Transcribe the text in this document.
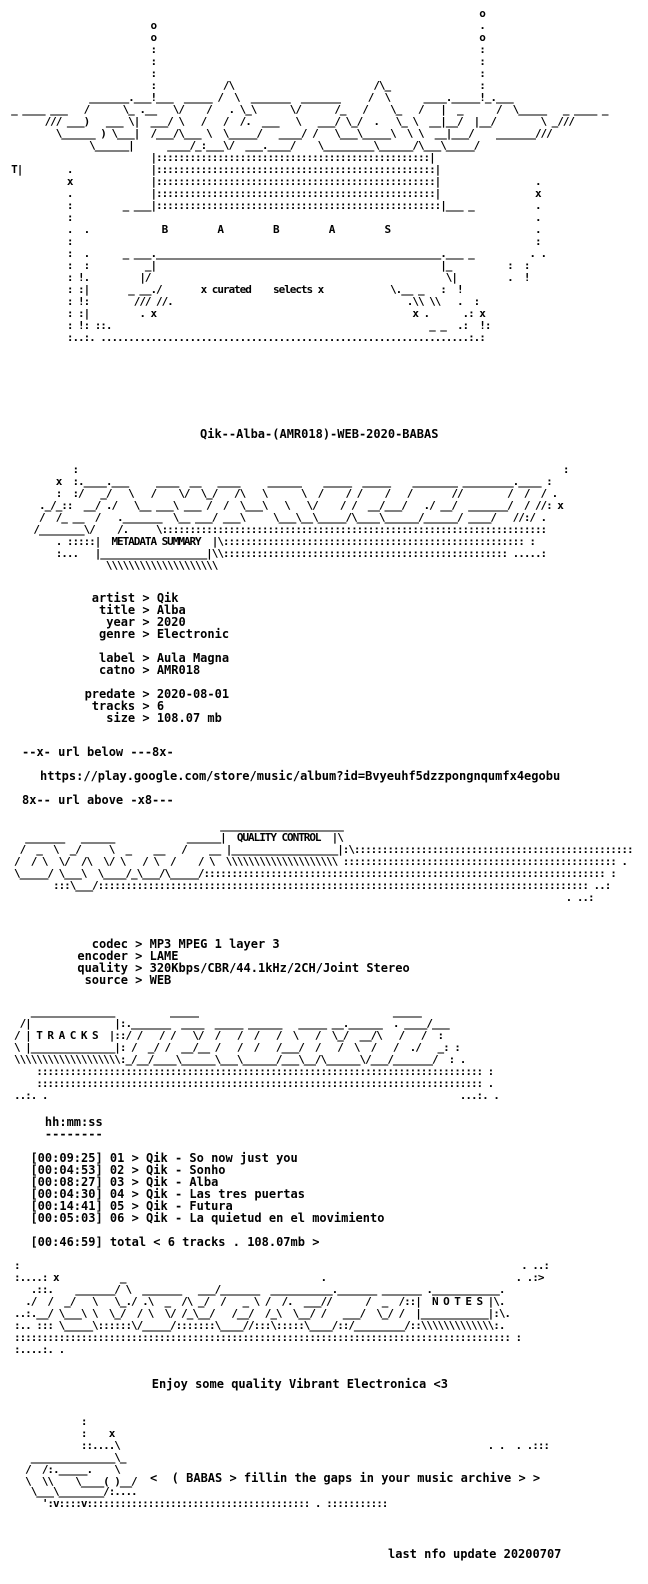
o
o                                                          .
o                                                          o
:                                                          :
:                                                          :
:                                                          :
:            /\                         /\_                :
_______.___!___  _____ /  \  _______  _______     /  \      ____._____!_.___
_ ____ ___   /      \_ .__   \/    /   . \_\      \/      /_   /    \_   /   |  _      /  \_____   _ ____ _
/// ___)   ___ \|  ___/ \   /   /  /.  ___   \   ___/ \_/  .   \_ \  __|__/  |__/        \ _///
\______ ) \___|  /___/\___ \  \_____/   ____/ /   \___\_____\  \ \  __|___/    _______///
\______|      ____/_:___\/  ___.____/    \_________\______/\___\_____/
|:::::::::::::::::::::::::::::::::::::::::::::::::|
T|        .              |::::::::::::::::::::::::::::::::::::::::::::::::::|
x              |::::::::::::::::::::::::::::::::::::::::::::::::::|                 .
.              |::::::::::::::::::::::::::::::::::::::::::::::::::|                 x
:         _ ___|:::::::::::::::::::::::::::::::::::::::::::::::::::|___ _           .
:                                                                                   .
.  .             B         A         B         A         S                          .
:                                                                                   :
:  .      _ ___.___________________________________________________.___ _          . .
:  :          _|                                                   |_          :  :
: !.         |/                                                     \|         .  !
: :|       _ __./       x curated    selects x            \.__ _   :  !
: !:        /// //.                                          .\\ \\   .  :
: :|         . x                                              x .      .: x
: !: ::.                                                         _ _  .:  !:
:..:. ..................................................................:.:

Qik--Alba-(AMR018)-WEB-2020-BABAS

:                                                                                       :
x  :.____.___     ____  __   ____     ______    _____  _____    ________ _________.____ :
:  :/   _/   \   /    \/  \_/   /\   \      \  /    / /    /   /       //        /  /  / .
._/_::  __/ ./   \__ ___\ ___ /  /  \___\   \   \/    / /  __/___/   ./ __/  _______/  / //: x
/  /_ __  /   ._______  \__ ___/ ___\     \___\__\_____/\____\______/______/ ____/   //:/ .
/________\/    /.     \:::::::::::::::::::::::::::::::::::::::::::::::::::::::::::::::::::::
. :::::|  METADATA SUMMARY  |\:::::::::::::::::::::::::::::::::::::::::::::::::::::: :
:...   |___________________|\\::::::::::::::::::::::::::::::::::::::::::::::::::: .....:
\\\\\\\\\\\\\\\\\\\\

artist > Qik

title > Alba

year > 2020

genre > Electronic

label > Aula Magna

catno > AMR018

predate > 2020-08-01

tracks > 6

size > 108.07 mb

--x- url below ---8x-

https://play.google.com/store/music/album?id=Bvyeuhf5dzzpongnqumfx4egobu

8x-- url above -x8---

______________________
_______   ______             ______|  QUALITY CONTROL  |\
/  _  \  _/     \  _    __   /    __ |___________________|:\::::::::::::::::::::::::::::::::::::::::::::::::::
/  / \  \/  /\  \/ \   / \  /    / \  \\\\\\\\\\\\\\\\\\\\ ::::::::::::::::::::::::::::::::::::::::::::::::: .
\_____/ \___\  \____/_\___/\_____/:::::::::::::::::::::::::::::::::::::::::::::::::::::::::::::::::::::::: :
:::\___/:::::::::::::::::::::::::::::::::::::::::::::::::::::::::::::::::::::::::::::::::::::::: ..:
. ..:

codec > MP3 MPEG 1 layer 3

encoder > LAME

quality > 320Kbps/CBR/44.1kHz/2CH/Joint Stereo

source > WEB

_______________          _____                                   _____
/|               |:._______  ____  _____ ______   _____ __.______  . ____/___
/ | T R A C K S  |::/ /   / /   \/  /   /  /   /  \   /  \_/  __/\   /   /  :
\ |_______________|: /  _/ /  __/__ /   /  /   /___/  /   /  \  /   /  ./   _: :
\\\\\\\\\\\\\\\\\\\:_/__/____\______\___\______/___\__/\______\/___/_______/  : .
:::::::::::::::::::::::::::::::::::::::::::::::::::::::::::::::::::::::::::::::: :
:::::::::::::::::::::::::::::::::::::::::::::::::::::::::::::::::::::::::::::::: .
..:. .                                                                          ...:. .

hh:mm:ss
--------

[00:09:25] 01 > Qik - So now just you

[00:04:53] 02 > Qik - Sonho

[00:08:27] 03 > Qik - Alba

[00:04:30] 04 > Qik - Las tres puertas

[00:14:41] 05 > Qik - Futura

[00:05:03] 06 > Qik - La quietud en el movimiento

[00:46:59] total < 6 tracks . 108.07mb >

:                                                                                          . ..:
:....: x           _                                   .                                  . .:>
.::.    _______/ \  _______   ___/_______  ___________._______ _______ .____________.
./  /  _/   \   \_./ .\  _  /\ _/  /   _ \ /  /.  ___//      /  _  /::|  N O T E S |\.
..:.__/ \___\ \  \_/  / \  \/ /_\__/   /__/  /_\  \__/ /   ___/  \_/ /  |____________|:\.
:.. ::: \_____\::::::\/_____/:::::::\____//:::\:::::\____/::/_________/::\\\\\\\\\\\\\:.
::::::::::::::::::::::::::::::::::::::::::::::::::::::::::::::::::::::::::::::::::::::::: :
:....:. .

Enjoy some quality Vibrant Electronica <3

:
:    x
::....\                                                                  . .  . .:::
_______________\_
/  /:._____.    \
\  \\    \____( )__/

	<  ( BABAS > fillin the gaps in your music archive > >

\___\________/:....
':v::::v:::::::::::::::::::::::::::::::::::::::: . :::::::::::

last nfo update 20200707
